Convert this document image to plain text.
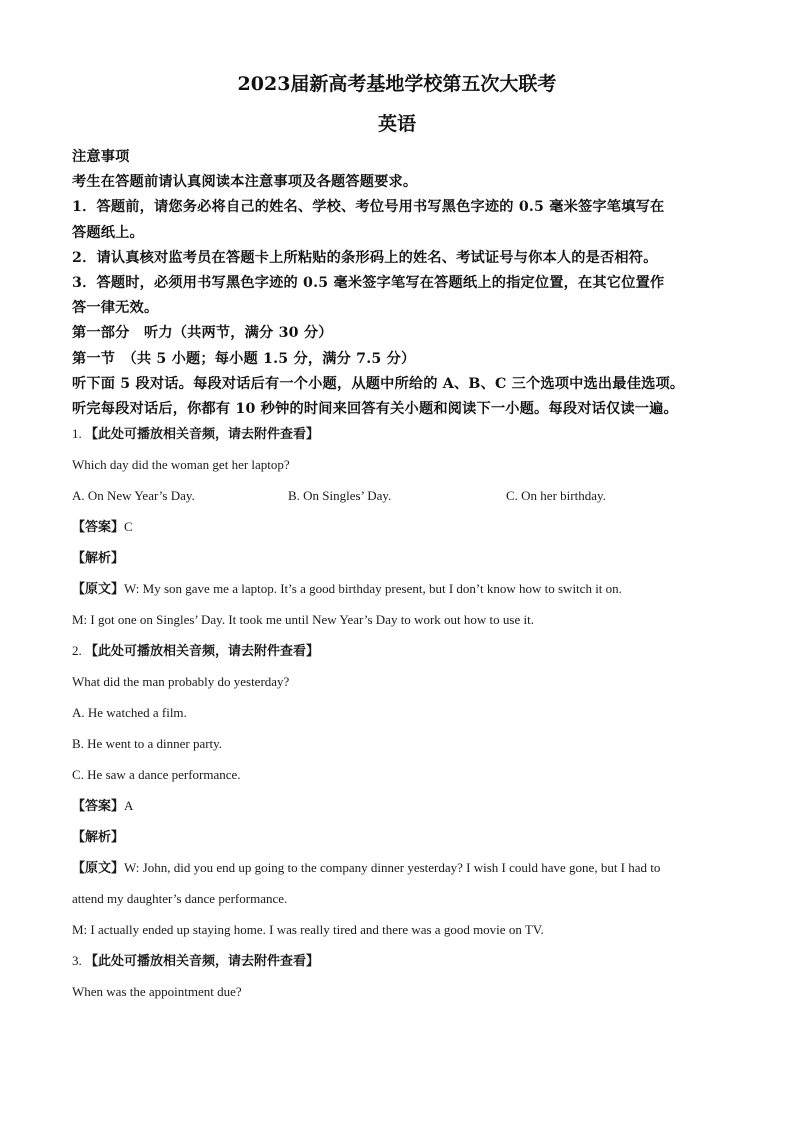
2023届新高考基地学校第五次大联考
英语

注意事项

考生在答题前请认真阅读本注意事项及各题答题要求。

1．答题前，请您务必将自己的姓名、学校、考位号用书写黑色字迹的 0.5 毫米签字笔填写在

答题纸上。

2．请认真核对监考员在答题卡上所粘贴的条形码上的姓名、考试证号与你本人的是否相符。

3．答题时，必须用书写黑色字迹的 0.5 毫米签字笔写在答题纸上的指定位置，在其它位置作

答一律无效。

第一部分　听力（共两节，满分 30 分）

第一节　（共 5 小题；每小题 1.5 分，满分 7.5 分）

听下面 5 段对话。每段对话后有一个小题，从题中所给的 A、B、C 三个选项中选出最佳选项。

听完每段对话后，你都有 10 秒钟的时间来回答有关小题和阅读下一小题。每段对话仅读一遍。

1. 【此处可播放相关音频，请去附件查看】
Which day did the woman get her laptop?
A. On New Year’s Day.	B. On Singles’ Day.	C. On her birthday.
【答案】C
【解析】
【原文】W: My son gave me a laptop. It’s a good birthday present, but I don’t know how to switch it on.
M: I got one on Singles’ Day. It took me until New Year’s Day to work out how to use it.
2. 【此处可播放相关音频，请去附件查看】
What did the man probably do yesterday?
A. He watched a film.
B. He went to a dinner party.
C. He saw a dance performance.
【答案】A
【解析】
【原文】W: John, did you end up going to the company dinner yesterday? I wish I could have gone, but I had to
attend my daughter’s dance performance.
M: I actually ended up staying home. I was really tired and there was a good movie on TV.
3. 【此处可播放相关音频，请去附件查看】
When was the appointment due?
